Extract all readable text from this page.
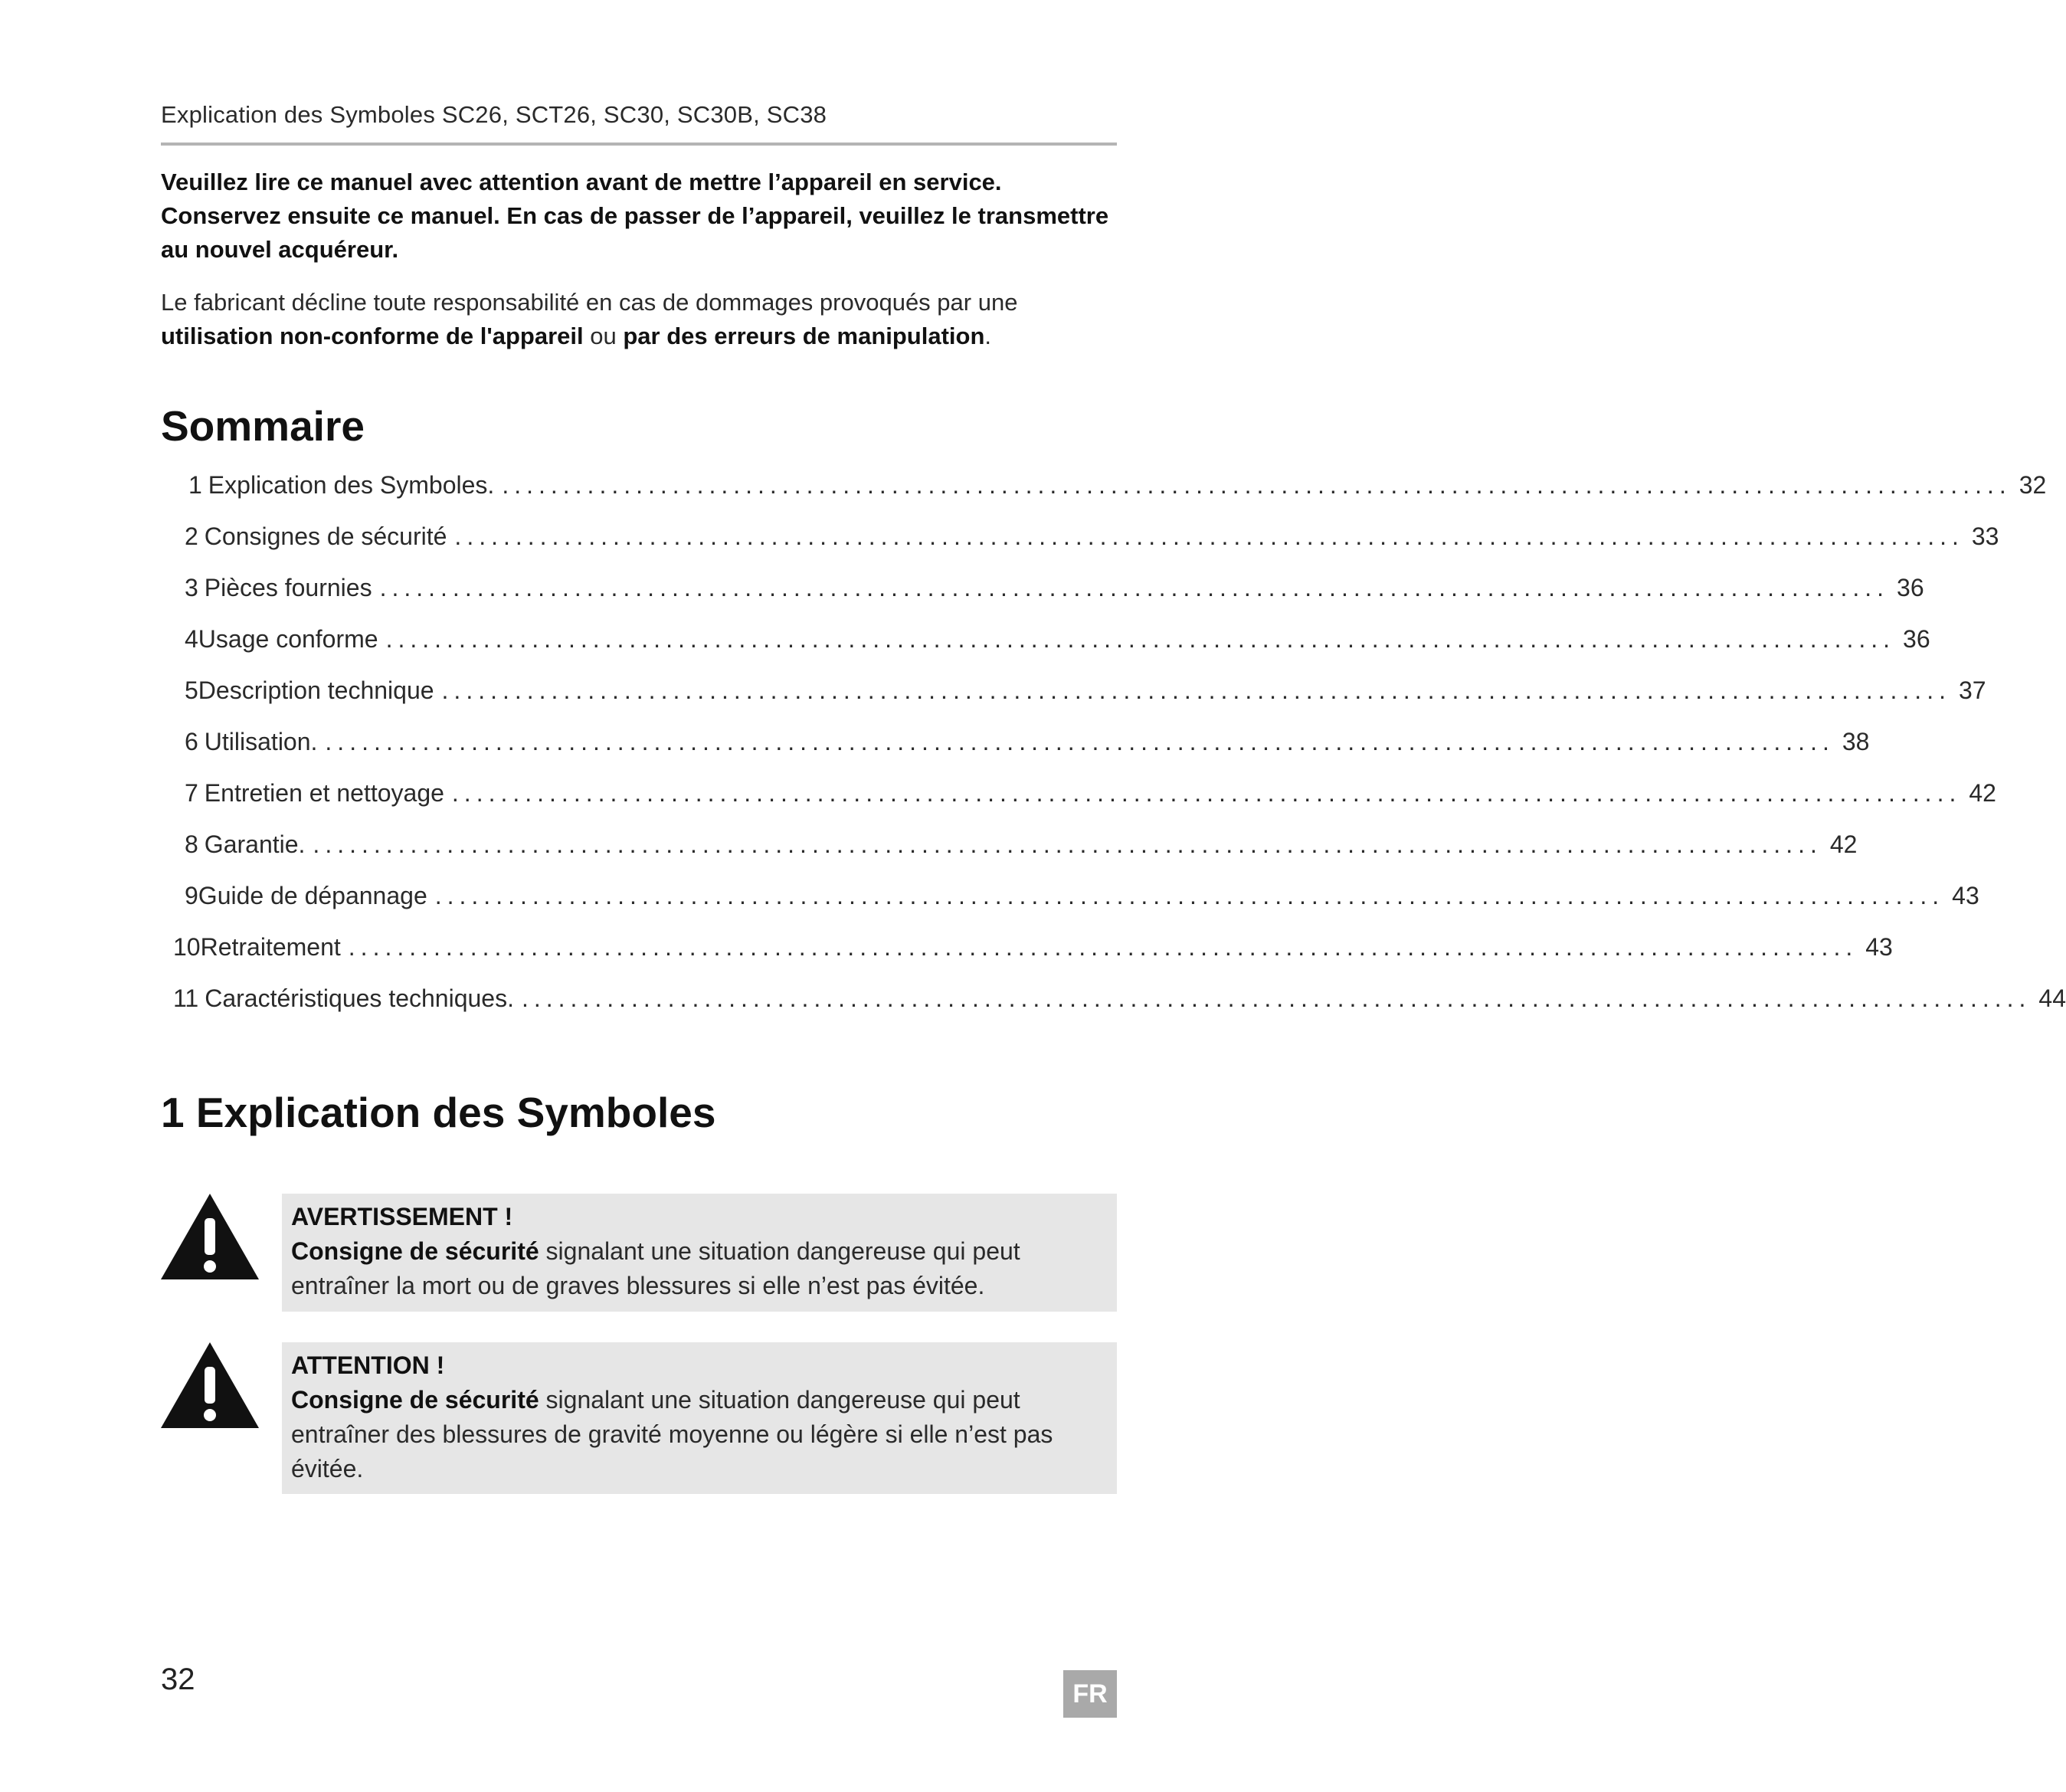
Explication des Symboles SC26, SCT26, SC30, SC30B, SC38
Veuillez lire ce manuel avec attention avant de mettre l’appareil en service. Conservez ensuite ce manuel. En cas de passer de l’appareil, veuillez le transmettre au nouvel acquéreur.
Le fabricant décline toute responsabilité en cas de dommages provoqués par une utilisation non-conforme de l'appareil ou par des erreurs de manipulation.
Sommaire
1 Explication des Symboles. ............................................................................................................................ 32
2 Consignes de sécurité ............................................................................................................................ 33
3 Pièces fournies ............................................................................................................................ 36
4 Usage conforme ............................................................................................................................ 36
5 Description technique ............................................................................................................................ 37
6 Utilisation. ............................................................................................................................ 38
7 Entretien et nettoyage ............................................................................................................................ 42
8 Garantie. ............................................................................................................................ 42
9 Guide de dépannage ............................................................................................................................ 43
10 Retraitement ............................................................................................................................ 43
11 Caractéristiques techniques. ............................................................................................................................ 44
1 Explication des Symboles
AVERTISSEMENT !
Consigne de sécurité signalant une situation dangereuse qui peut entraîner la mort ou de graves blessures si elle n’est pas évitée.
ATTENTION !
Consigne de sécurité signalant une situation dangereuse qui peut entraîner des blessures de gravité moyenne ou légère si elle n’est pas évitée.
32	FR
